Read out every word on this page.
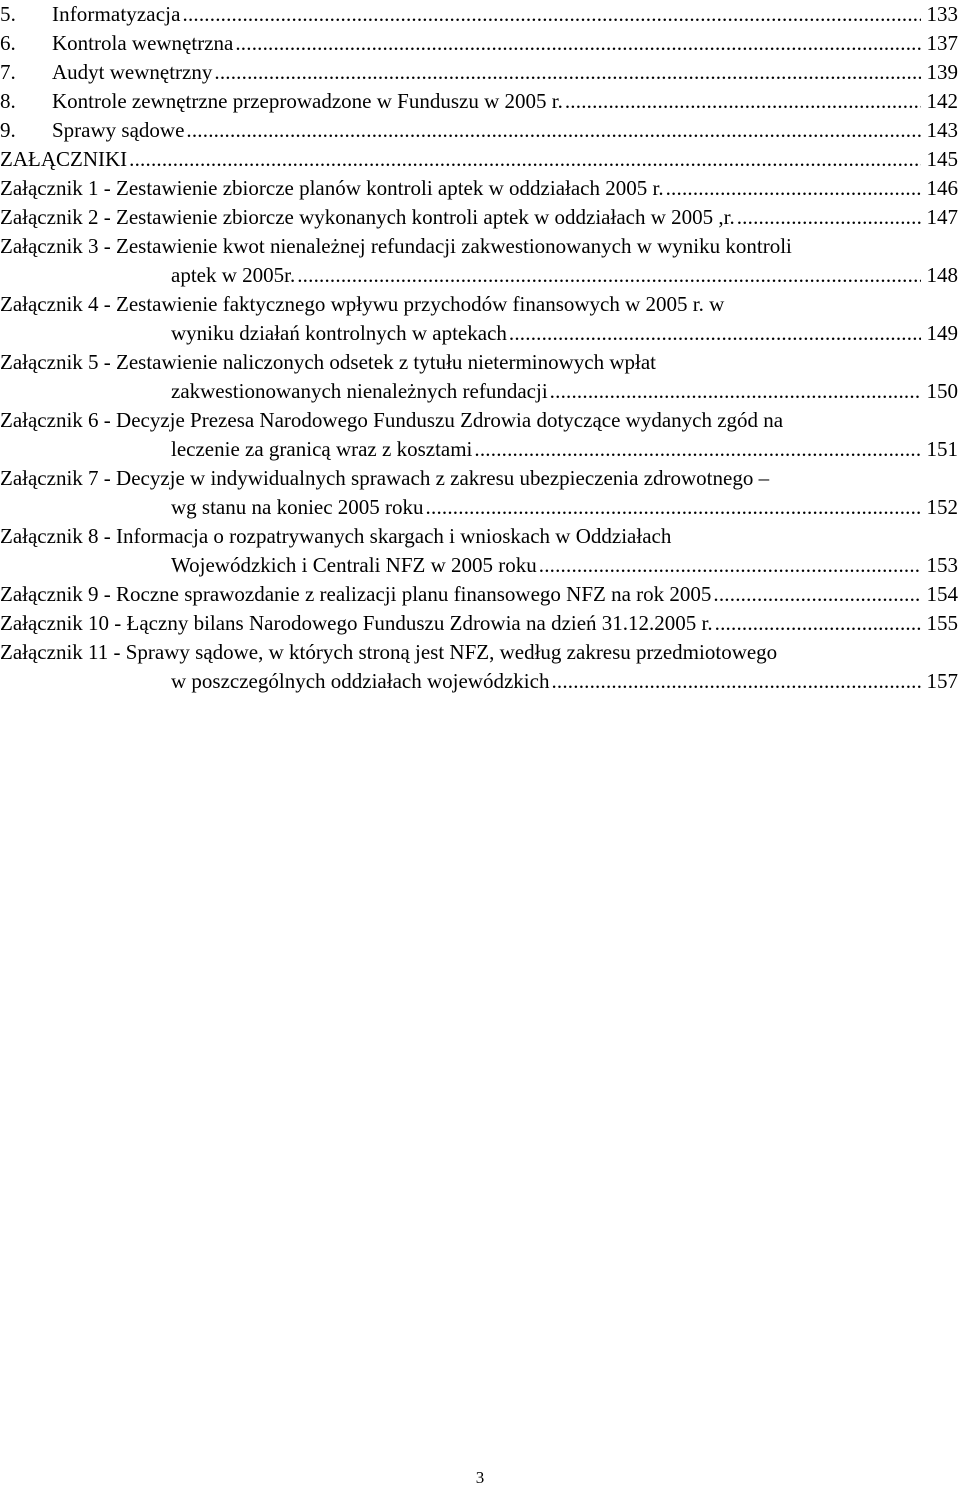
5. Informatyzacja .....	133
6. Kontrola wewnętrzna .....	137
7. Audyt wewnętrzny .....	139
8. Kontrole zewnętrzne przeprowadzone w Funduszu w 2005 r. .....	142
9. Sprawy sądowe .....	143
ZAŁĄCZNIKI .....	145
Załącznik 1 - Zestawienie zbiorcze planów kontroli aptek w oddziałach 2005 r. .....	146
Załącznik 2 - Zestawienie zbiorcze wykonanych kontroli aptek w oddziałach w 2005 ,r. .....	147
Załącznik 3 - Zestawienie kwot nienależnej refundacji zakwestionowanych w wyniku kontroli
aptek w 2005r. .....	148
Załącznik 4 - Zestawienie faktycznego wpływu przychodów finansowych w 2005 r. w
wyniku działań kontrolnych w aptekach .....	149
Załącznik 5 - Zestawienie naliczonych odsetek z tytułu nieterminowych wpłat
zakwestionowanych nienależnych refundacji .....	150
Załącznik 6 - Decyzje Prezesa Narodowego Funduszu Zdrowia dotyczące wydanych zgód na
leczenie za granicą wraz z kosztami .....	151
Załącznik 7 - Decyzje w indywidualnych sprawach z zakresu ubezpieczenia zdrowotnego –
wg stanu na koniec 2005 roku .....	152
Załącznik 8 - Informacja o rozpatrywanych skargach i wnioskach w Oddziałach
Wojewódzkich i Centrali NFZ w 2005 roku .....	153
Załącznik 9 - Roczne sprawozdanie z realizacji planu finansowego NFZ na rok 2005 .....	154
Załącznik 10 - Łączny bilans Narodowego Funduszu Zdrowia na dzień 31.12.2005 r. .....	155
Załącznik 11 - Sprawy sądowe, w których stroną jest NFZ, według zakresu przedmiotowego
w poszczególnych oddziałach wojewódzkich .....	157
3
